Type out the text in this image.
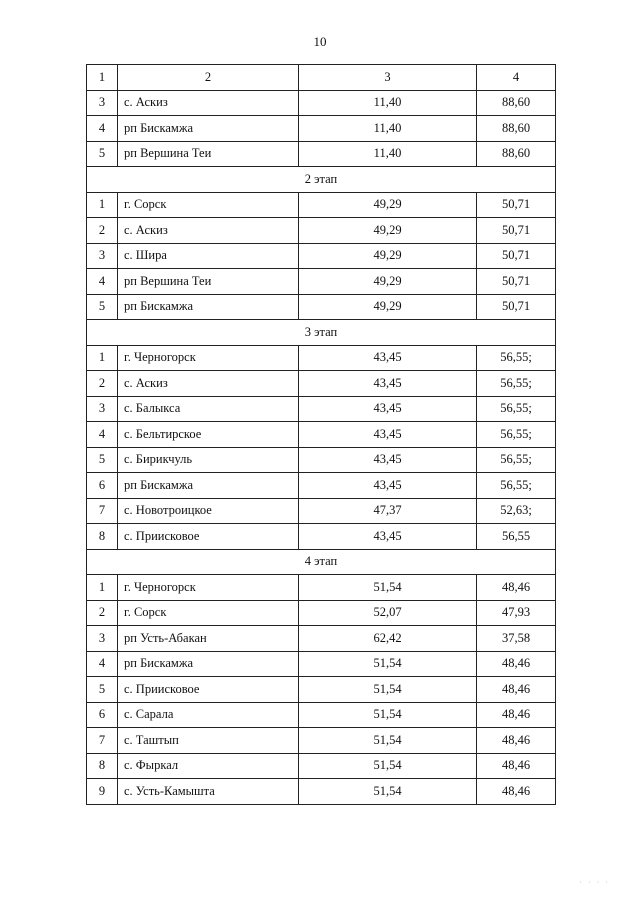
10
1	2	3	4
3	с. Аскиз	11,40	88,60
4	рп Бискамжа	11,40	88,60
5	рп Вершина Теи	11,40	88,60
2 этап			
1	г. Сорск	49,29	50,71
2	с. Аскиз	49,29	50,71
3	с. Шира	49,29	50,71
4	рп Вершина Теи	49,29	50,71
5	рп Бискамжа	49,29	50,71
3 этап			
1	г. Черногорск	43,45	56,55;
2	с. Аскиз	43,45	56,55;
3	с. Балыкса	43,45	56,55;
4	с. Бельтирское	43,45	56,55;
5	с. Бирикчуль	43,45	56,55;
6	рп Бискамжа	43,45	56,55;
7	с. Новотроицкое	47,37	52,63;
8	с. Приисковое	43,45	56,55
4 этап			
1	г. Черногорск	51,54	48,46
2	г. Сорск	52,07	47,93
3	рп Усть-Абакан	62,42	37,58
4	рп Бискамжа	51,54	48,46
5	с. Приисковое	51,54	48,46
6	с. Сарала	51,54	48,46
7	с. Таштып	51,54	48,46
8	с. Фыркал	51,54	48,46
9	с. Усть-Камышта	51,54	48,46
· · · ·
